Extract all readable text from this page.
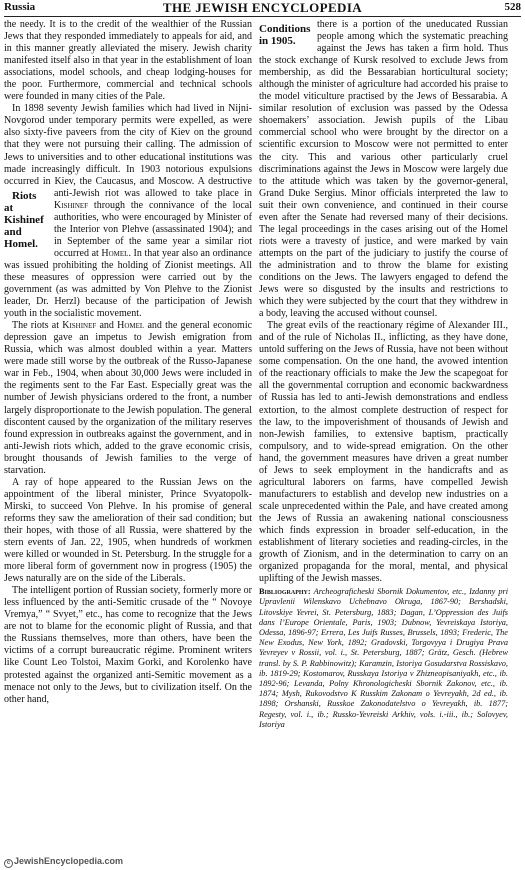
Russia	THE JEWISH ENCYCLOPEDIA	528

the needy. It is to the credit of the wealthier of the Russian Jews that they responded immediately to appeals for aid, and in this manner greatly alleviated the misery. Jewish charity manifested itself also in that year in the establishment of loan associations, model schools, and cheap lodging-houses for the poor. Furthermore, commercial and technical schools were founded in many cities of the Pale.

In 1898 seventy Jewish families which had lived in Nijni-Novgorod under temporary permits were expelled, as were also sixty-five paveers from the city of Kiev on the ground that they were not pursuing their calling. The admission of Jews to universities and to other educational institutions was made increasingly difficult. In 1903 notorious expulsions occurred in Kiev, the Caucasus, and Moscow. A destructive anti-Jewish riot was allowed to take place in
Riots at Kishinef and Homel.
Kishinef through the connivance of the local authorities, who were encouraged by Minister of the Interior von Plehve (assassinated 1904); and in September of the same year a similar riot occurred at Homel. In that year also an ordinance was issued prohibiting the holding of Zionist meetings. All these measures of oppression were carried out by the government (as was admitted by Von Plehve to the Zionist leader, Dr. Herzl) because of the participation of Jewish youth in the socialistic movement.

The riots at Kishinef and Homel and the general economic depression gave an impetus to Jewish emigration from Russia, which was almost doubled within a year. Matters were made still worse by the outbreak of the Russo-Japanese war in Feb., 1904, when about 30,000 Jews were included in the regiments sent to the Far East. Especially great was the number of Jewish physicians ordered to the front, a number largely disproportionate to the Jewish population. The general discontent caused by the organization of the military reserves found expression in outbreaks against the government, and in anti-Jewish riots which, added to the grave economic crisis, brought thousands of Jewish families to the verge of starvation.

A ray of hope appeared to the Russian Jews on the appointment of the liberal minister, Prince Svyatopolk-Mirski, to succeed Von Plehve. In his promise of general reforms they saw the amelioration of their sad condition; but their hopes, with those of all Russia, were shattered by the stern events of Jan. 22, 1905, when hundreds of workmen were killed or wounded in St. Petersburg. In the struggle for a more liberal form of government now in progress (1905) the Jews naturally are on the side of the Liberals.

The intelligent portion of Russian society, formerly more or less influenced by the anti-Semitic crusade of the “ Novoye Vremya,” “ Svyet,” etc., has come to recognize that the Jews are not to blame for the economic plight of Russia, and that the Russians themselves, more than others, have been the victims of a corrupt bureaucratic régime. Prominent writers like Count Leo Tolstoi, Maxim Gorki, and Korolenko have protested against the organized anti-Semitic movement as a menace not only to the Jews, but to civilization itself. On the other hand,

Conditions in 1905.
there is a portion of the uneducated Russian people among which the systematic preaching against the Jews has taken a firm hold. Thus the stock exchange of Kursk resolved to exclude Jews from membership, as did the Bessarabian horticultural society; although the minister of agriculture had accorded his praise to the model viticulture practised by the Jews of Bessarabia. A similar resolution of exclusion was passed by the Odessa shoemakers’ association. Jewish pupils of the Libau commercial school who were brought by the director on a scientific excursion to Moscow were not permitted to enter the city. This and various other particularly cruel discriminations against the Jews in Moscow were largely due to the attitude which was taken by the governor-general, Grand Duke Sergius. Minor officials interpreted the law to suit their own convenience, and continued in their course even after the Senate had reversed many of their decisions. The legal proceedings in the cases arising out of the Homel riots were a travesty of justice, and were marked by vain attempts on the part of the judiciary to justify the course of the administration and to throw the blame for existing conditions on the Jews. The lawyers engaged to defend the Jews were so disgusted by the insults and restrictions to which they were subjected by the court that they withdrew in a body, leaving the accused without counsel.

The great evils of the reactionary régime of Alexander III., and of the rule of Nicholas II., inflicting, as they have done, untold suffering on the Jews of Russia, have not been without some compensation. On the one hand, the avowed intention of the reactionary officials to make the Jew the scapegoat for all the governmental corruption and economic backwardness of Russia has led to anti-Jewish demonstrations and endless extortion, to the almost complete destruction of respect for the law, to the impoverishment of thousands of Jewish and non-Jewish families, to extensive baptism, practically compulsory, and to wide-spread emigration. On the other hand, the government measures have driven a great number of Jews to seek employment in the handicrafts and as agricultural laborers on farms, have compelled Jewish manufacturers to establish and develop new industries on a scale unprecedented within the Pale, and have created among the Jews of Russia an awakening national consciousness which finds expression in broader self-education, in the establishment of literary societies and reading-circles, in the growth of Zionism, and in the determination to carry on an organized propaganda for the moral, mental, and physical uplifting of the Jewish masses.

Bibliography: Archeograficheski Sbornik Dokumentov, etc., Izdanny pri Upravlenii Wilenskavo Uchebnavo Okruga, 1867-90; Bershadski, Litovskiye Yevrei, St. Petersburg, 1883; Dagan, L’Oppression des Juifs dans l’Europe Orientale, Paris, 1903; Dubnow, Yevreiskaya Istoriya, Odessa, 1896-97; Errera, Les Juifs Russes, Brussels, 1893; Frederic, The New Exodus, New York, 1892; Gradovski, Torgovyya i Drugiya Prava Yevreyev v Rossii, vol. i., St. Petersburg, 1887; Grätz, Gesch. (Hebrew transl. by S. P. Rabbinowitz); Karamzin, Istoriya Gosudarstva Rossiskavo, ib. 1819-29; Kostomarov, Russkaya Istoriya v Zhizneopisaniyakh, etc., ib. 1892-96; Levanda, Polny Khronologicheski Sbornik Zakonov, etc., ib. 1874; Mysh, Rukovodstvo K Russkim Zakonam o Yevreyakh, 2d ed., ib. 1898; Orshanski, Russkoe Zakonodatelstvo o Yevreyakh, ib. 1877; Regesty, vol. i., ib.; Russko-Yevreiski Arkhiv, vols. i.-iii., ib.; Solovyev, Istoriya

c JewishEncyclopedia.com
